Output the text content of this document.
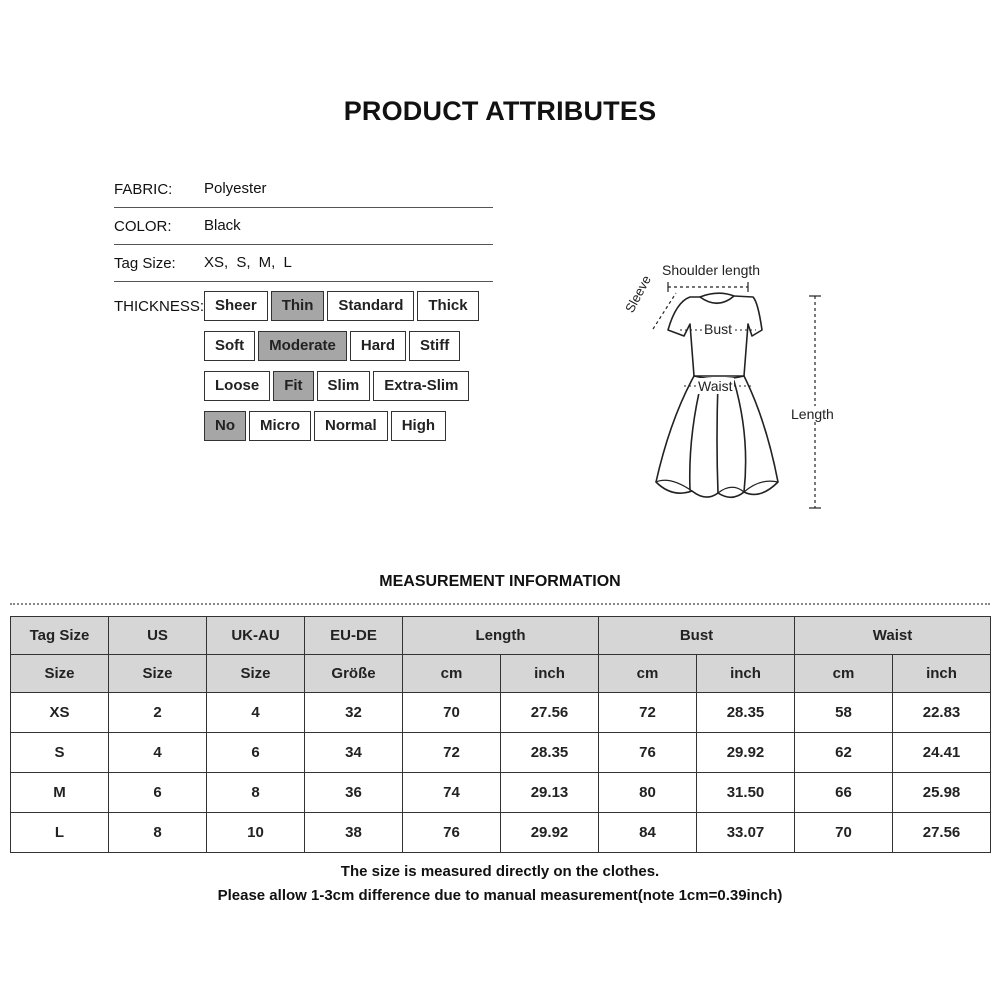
PRODUCT ATTRIBUTES
FABRIC: Polyester
COLOR: Black
Tag Size: XS, S, M, L
THICKNESS: Sheer	Thin	Standard	Thick
Soft	Moderate	Hard	Stiff
Loose	Fit	Slim	Extra-Slim
No	Micro	Normal	High
Shoulder length
Sleeve
Bust
Waist
Length
MEASUREMENT INFORMATION
Tag Size	US	UK-AU	EU-DE	Length		Bust		Waist	
Size	Size	Size	Größe	cm	inch	cm	inch	cm	inch
XS	2	4	32	70	27.56	72	28.35	58	22.83
S	4	6	34	72	28.35	76	29.92	62	24.41
M	6	8	36	74	29.13	80	31.50	66	25.98
L	8	10	38	76	29.92	84	33.07	70	27.56
The size is measured directly on the clothes.
Please allow 1-3cm difference due to manual measurement(note 1cm=0.39inch)
